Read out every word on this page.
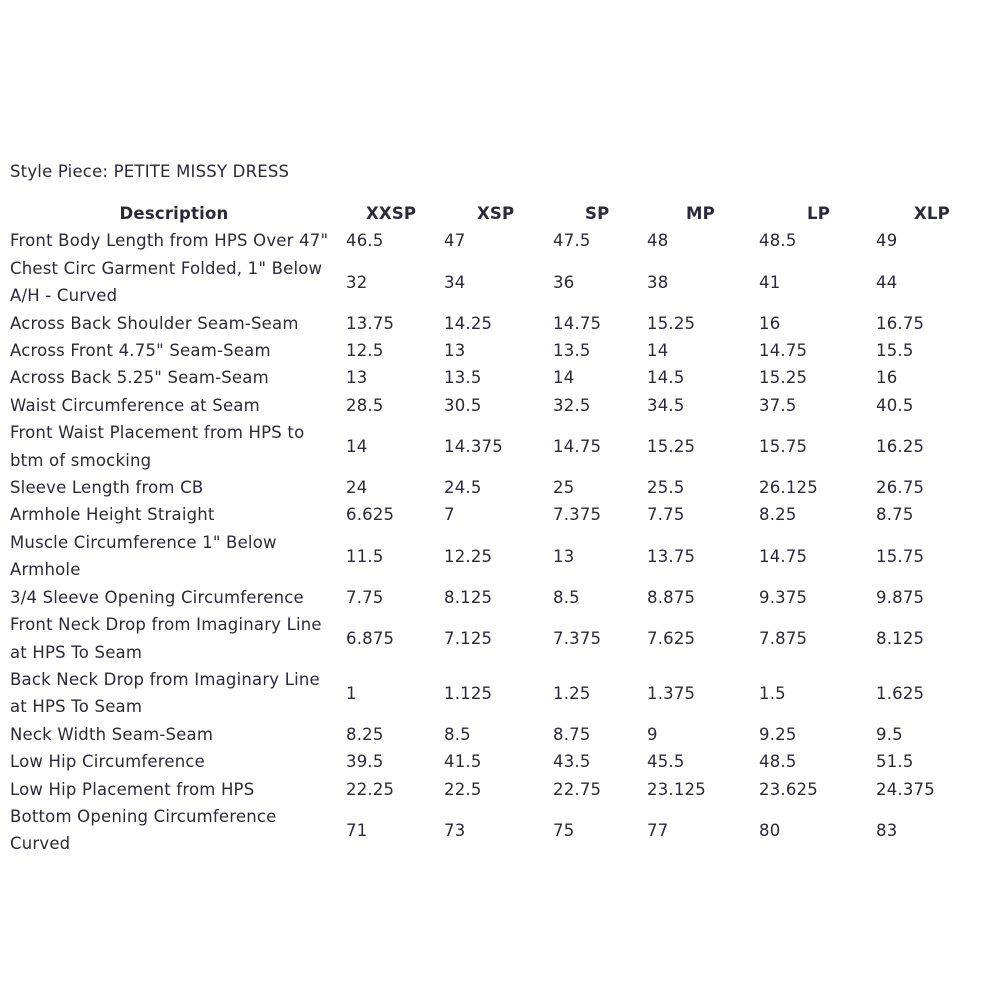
Style Piece: PETITE MISSY DRESS
Description	XXSP	XSP	SP	MP	LP	XLP
Front Body Length from HPS Over 47"	46.5	47	47.5	48	48.5	49
Chest Circ Garment Folded, 1" Below A/H - Curved	32	34	36	38	41	44
Across Back Shoulder Seam-Seam	13.75	14.25	14.75	15.25	16	16.75
Across Front 4.75" Seam-Seam	12.5	13	13.5	14	14.75	15.5
Across Back 5.25" Seam-Seam	13	13.5	14	14.5	15.25	16
Waist Circumference at Seam	28.5	30.5	32.5	34.5	37.5	40.5
Front Waist Placement from HPS to btm of smocking	14	14.375	14.75	15.25	15.75	16.25
Sleeve Length from CB	24	24.5	25	25.5	26.125	26.75
Armhole Height Straight	6.625	7	7.375	7.75	8.25	8.75
Muscle Circumference 1" Below Armhole	11.5	12.25	13	13.75	14.75	15.75
3/4 Sleeve Opening Circumference	7.75	8.125	8.5	8.875	9.375	9.875
Front Neck Drop from Imaginary Line at HPS To Seam	6.875	7.125	7.375	7.625	7.875	8.125
Back Neck Drop from Imaginary Line at HPS To Seam	1	1.125	1.25	1.375	1.5	1.625
Neck Width Seam-Seam	8.25	8.5	8.75	9	9.25	9.5
Low Hip Circumference	39.5	41.5	43.5	45.5	48.5	51.5
Low Hip Placement from HPS	22.25	22.5	22.75	23.125	23.625	24.375
Bottom Opening Circumference Curved	71	73	75	77	80	83
